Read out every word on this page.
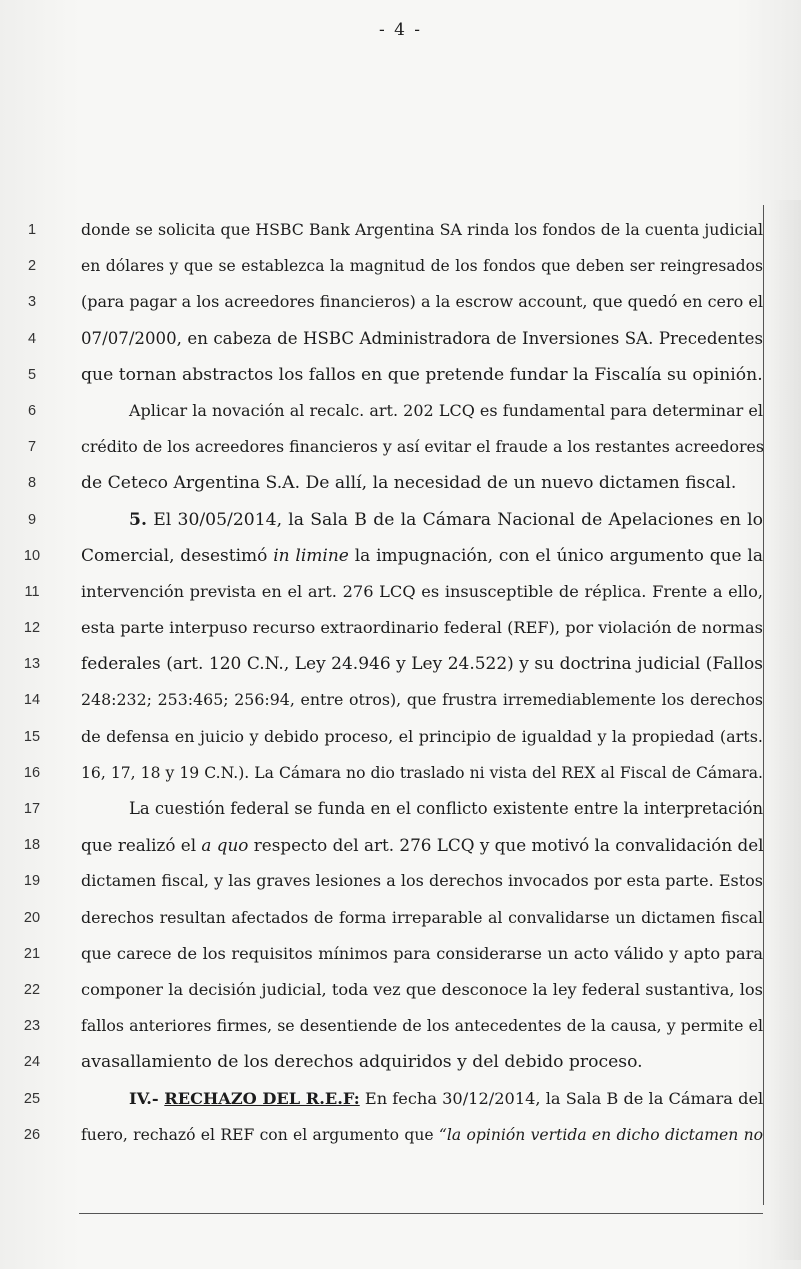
- 4 -
1	donde se solicita que HSBC Bank Argentina SA rinda los fondos de la cuenta judicial
2	en dólares y que se establezca la magnitud de los fondos que deben ser reingresados
3	(para pagar a los acreedores financieros) a la escrow account, que quedó en cero el
4	07/07/2000, en cabeza de HSBC Administradora de Inversiones SA. Precedentes
5	que tornan abstractos los fallos en que pretende fundar la Fiscalía su opinión.
6	Aplicar la novación al recalc. art. 202 LCQ es fundamental para determinar el
7	crédito de los acreedores financieros y así evitar el fraude a los restantes acreedores
8	de Ceteco Argentina S.A. De allí, la necesidad de un nuevo dictamen fiscal.
9	5. El 30/05/2014, la Sala B de la Cámara Nacional de Apelaciones en lo
10	Comercial, desestimó in limine la impugnación, con el único argumento que la
11	intervención prevista en el art. 276 LCQ es insusceptible de réplica. Frente a ello,
12	esta parte interpuso recurso extraordinario federal (REF), por violación de normas
13	federales (art. 120 C.N., Ley 24.946 y Ley 24.522) y su doctrina judicial (Fallos
14	248:232; 253:465; 256:94, entre otros), que frustra irremediablemente los derechos
15	de defensa en juicio y debido proceso, el principio de igualdad y la propiedad (arts.
16	16, 17, 18 y 19 C.N.). La Cámara no dio traslado ni vista del REX al Fiscal de Cámara.
17	La cuestión federal se funda en el conflicto existente entre la interpretación
18	que realizó el a quo respecto del art. 276 LCQ y que motivó la convalidación del
19	dictamen fiscal, y las graves lesiones a los derechos invocados por esta parte. Estos
20	derechos resultan afectados de forma irreparable al convalidarse un dictamen fiscal
21	que carece de los requisitos mínimos para considerarse un acto válido y apto para
22	componer la decisión judicial, toda vez que desconoce la ley federal sustantiva, los
23	fallos anteriores firmes, se desentiende de los antecedentes de la causa, y permite el
24	avasallamiento de los derechos adquiridos y del debido proceso.
25	IV.- RECHAZO DEL R.E.F: En fecha 30/12/2014, la Sala B de la Cámara del
26	fuero, rechazó el REF con el argumento que “la opinión vertida en dicho dictamen no
